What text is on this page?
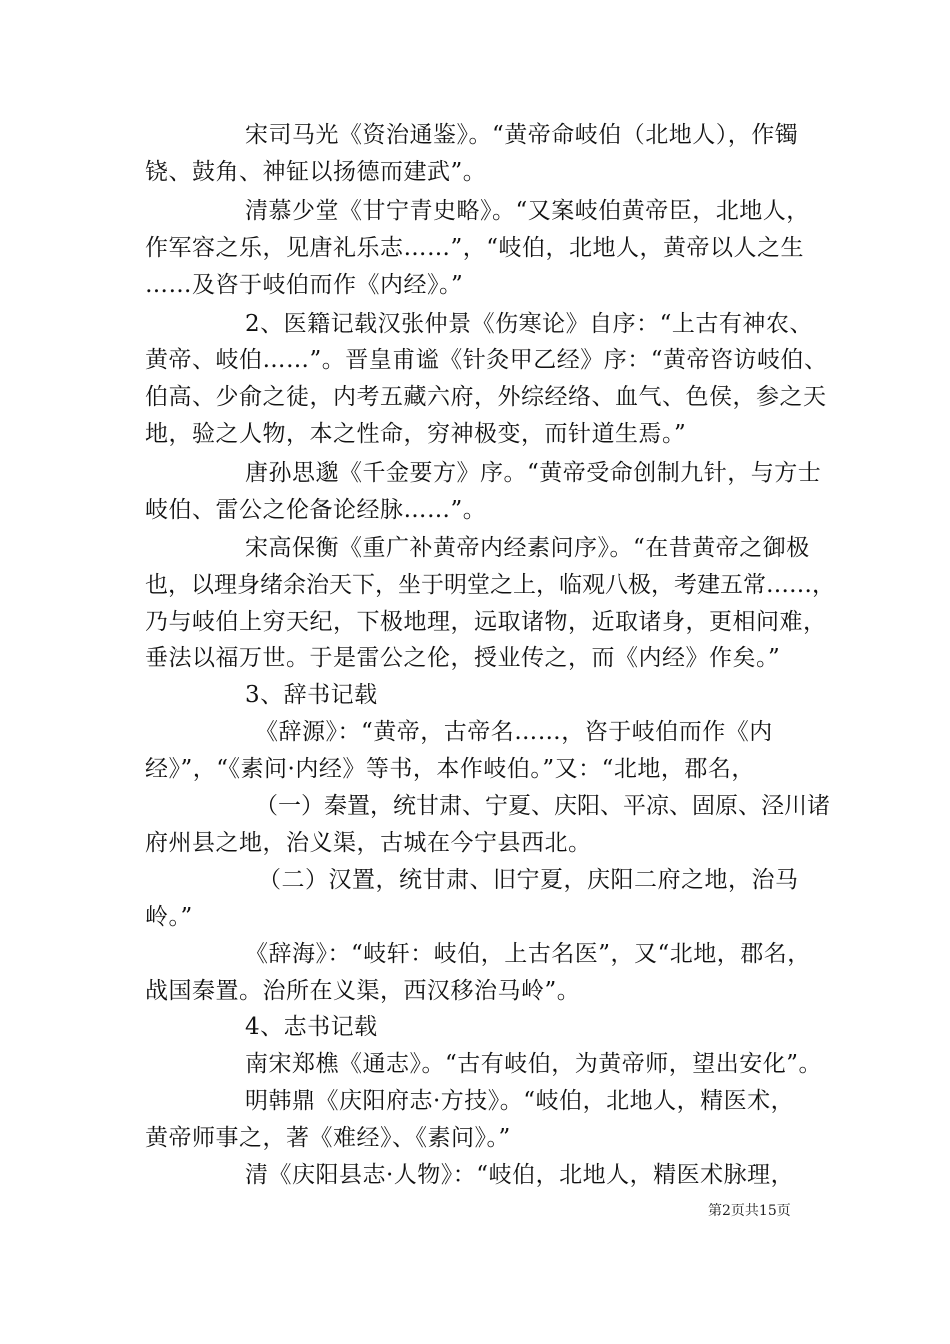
宋司马光《资治通鉴》。“黄帝命岐伯（北地人），作镯
铙、鼓角、神钲以扬德而建武”。
清慕少堂《甘宁青史略》。“又案岐伯黄帝臣，北地人，
作军容之乐，见唐礼乐志……”，“岐伯，北地人，黄帝以人之生
……及咨于岐伯而作《内经》。”
2、医籍记载汉张仲景《伤寒论》自序：“上古有神农、
黄帝、岐伯……”。晋皇甫谧《针灸甲乙经》序：“黄帝咨访岐伯、
伯高、少俞之徒，内考五藏六府，外综经络、血气、色侯，参之天
地，验之人物，本之性命，穷神极变，而针道生焉。”
唐孙思邈《千金要方》序。“黄帝受命创制九针，与方士
岐伯、雷公之伦备论经脉……”。
宋高保衡《重广补黄帝内经素问序》。“在昔黄帝之御极
也，以理身绪余治天下，坐于明堂之上，临观八极，考建五常……，
乃与岐伯上穷天纪，下极地理，远取诸物，近取诸身，更相问难，
垂法以福万世。于是雷公之伦，授业传之，而《内经》作矣。”
3、辞书记载
《辞源》：“黄帝，古帝名……，咨于岐伯而作《内
经》”，“《素问·内经》等书，本作岐伯。”又：“北地，郡名，
（一）秦置，统甘肃、宁夏、庆阳、平凉、固原、泾川诸
府州县之地，治义渠，古城在今宁县西北。
（二）汉置，统甘肃、旧宁夏，庆阳二府之地，治马
岭。”
《辞海》：“岐轩：岐伯，上古名医”，又“北地，郡名，
战国秦置。治所在义渠，西汉移治马岭”。
4、志书记载
南宋郑樵《通志》。“古有岐伯，为黄帝师，望出安化”。
明韩鼎《庆阳府志·方技》。“岐伯，北地人，精医术，
黄帝师事之，著《难经》、《素问》。”
清《庆阳县志·人物》：“岐伯，北地人，精医术脉理，
第2页共15页
